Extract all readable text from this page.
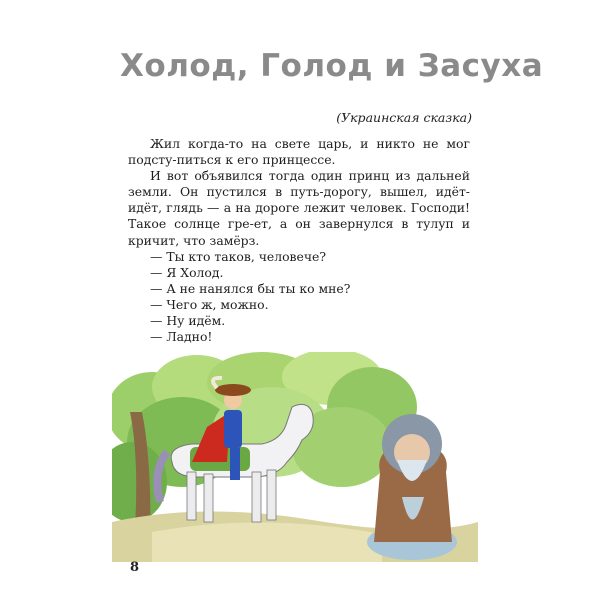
Холод, Голод и Засуха
(Украинская сказка)

Жил когда-то на свете царь, и никто не мог подсту-питься к его принцессе.

И вот объявился тогда один принц из дальней земли. Он пустился в путь-дорогу, вышел, идёт-идёт, глядь — а на дороге лежит человек. Господи! Такое солнце гре-ет, а он завернулся в тулуп и кричит, что замёрз.

— Ты кто таков, человече?

— Я Холод.

— А не нанялся бы ты ко мне?

— Чего ж, можно.

— Ну идём.

— Ладно!

8
